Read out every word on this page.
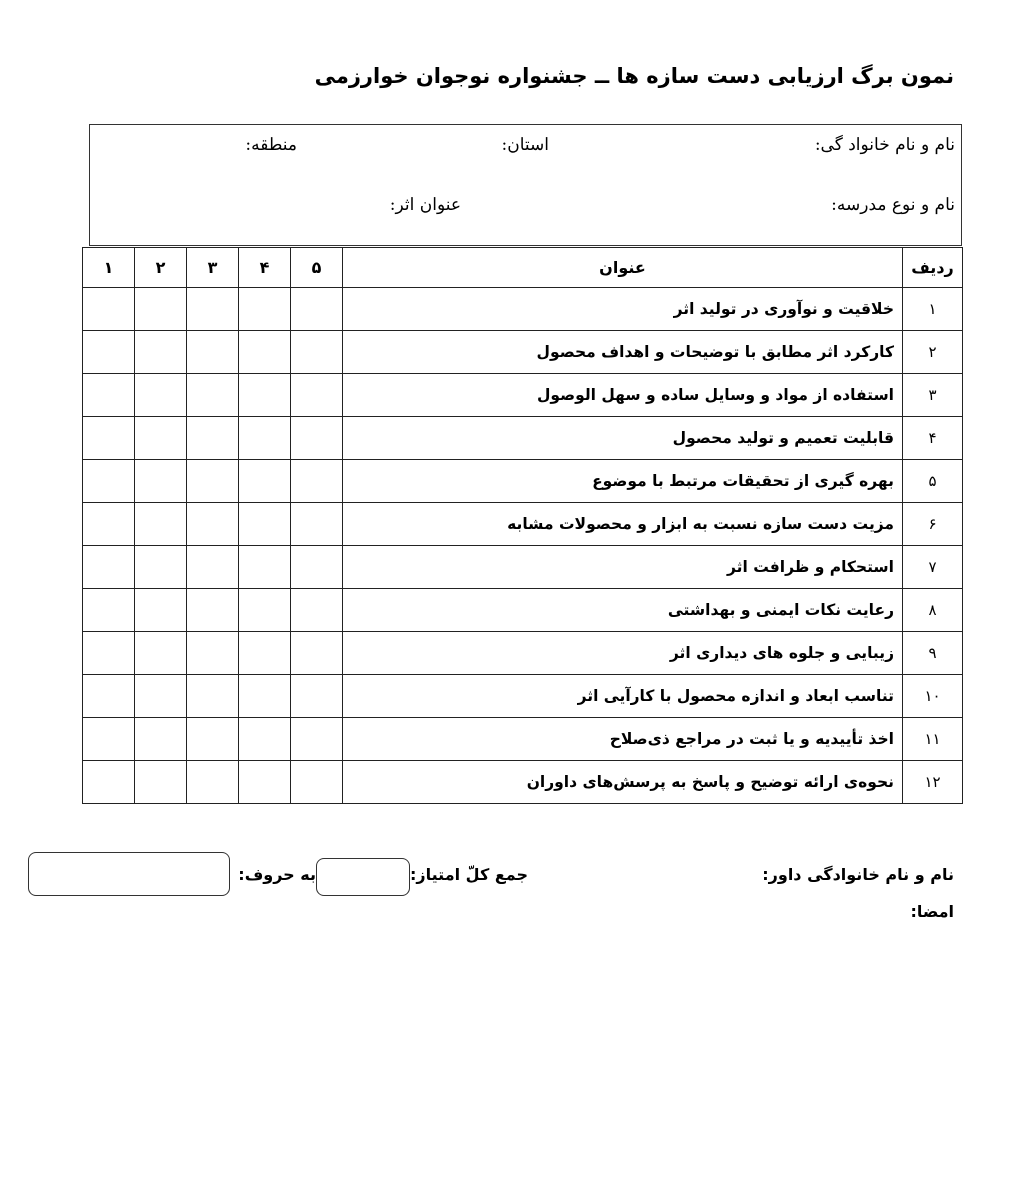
نمون برگ ارزیابی دست سازه ها ــ جشنواره نوجوان خوارزمی
نام و نام خانواد گی:
استان:
منطقه:
نام و نوع مدرسه:
عنوان اثر:
ردیف	عنوان	۵	۴	۳	۲	۱
۱	خلاقیت و نوآوری در تولید اثر					
۲	کارکرد اثر مطابق با توضیحات و اهداف محصول					
۳	استفاده از مواد و وسایل ساده و سهل الوصول					
۴	قابلیت تعمیم و تولید محصول					
۵	بهره گیری از تحقیقات مرتبط با موضوع					
۶	مزیت دست سازه نسبت به ابزار و محصولات مشابه					
۷	استحکام و ظرافت اثر					
۸	رعایت نکات ایمنی و بهداشتی					
۹	زیبایی و جلوه های دیداری اثر					
۱۰	تناسب ابعاد و اندازه محصول با کارآیی اثر					
۱۱	اخذ تأییدیه و یا ثبت در مراجع ذی‌صلاح					
۱۲	نحوه‌ی ارائه توضیح و پاسخ به پرسش‌های داوران					
نام و نام خانوادگی داور:
امضا:
جمع کلّ امتیاز:
به حروف:
